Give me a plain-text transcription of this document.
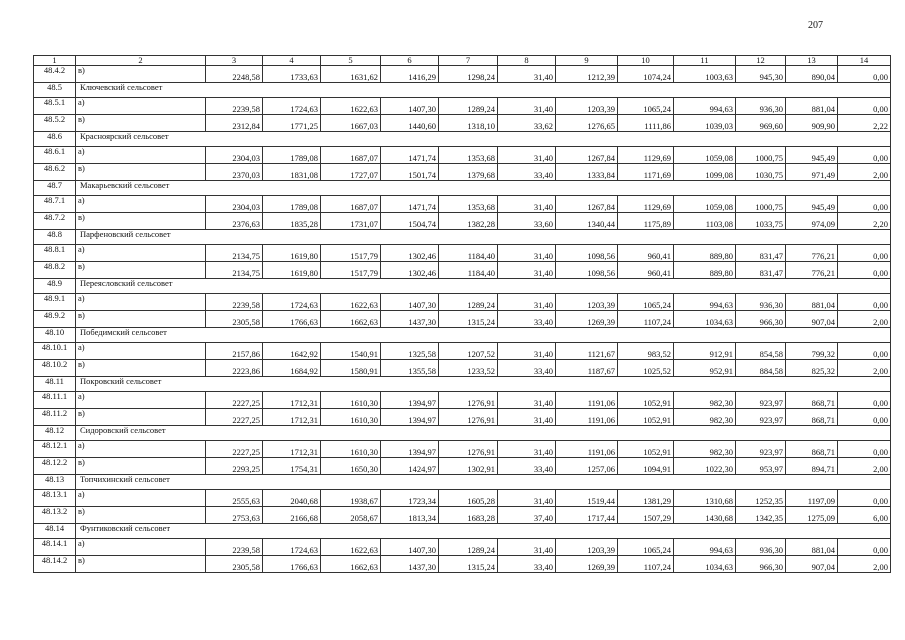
207
1	2	3	4	5	6	7	8	9	10	11	12	13	14
48.4.2	в)	2248,58	1733,63	1631,62	1416,29	1298,24	31,40	1212,39	1074,24	1003,63	945,30	890,04	0,00
48.5	Ключевский сельсовет												
48.5.1	а)	2239,58	1724,63	1622,63	1407,30	1289,24	31,40	1203,39	1065,24	994,63	936,30	881,04	0,00
48.5.2	в)	2312,84	1771,25	1667,03	1440,60	1318,10	33,62	1276,65	1111,86	1039,03	969,60	909,90	2,22
48.6	Красноярский сельсовет												
48.6.1	а)	2304,03	1789,08	1687,07	1471,74	1353,68	31,40	1267,84	1129,69	1059,08	1000,75	945,49	0,00
48.6.2	в)	2370,03	1831,08	1727,07	1501,74	1379,68	33,40	1333,84	1171,69	1099,08	1030,75	971,49	2,00
48.7	Макарьевский сельсовет												
48.7.1	а)	2304,03	1789,08	1687,07	1471,74	1353,68	31,40	1267,84	1129,69	1059,08	1000,75	945,49	0,00
48.7.2	в)	2376,63	1835,28	1731,07	1504,74	1382,28	33,60	1340,44	1175,89	1103,08	1033,75	974,09	2,20
48.8	Парфеновский сельсовет												
48.8.1	а)	2134,75	1619,80	1517,79	1302,46	1184,40	31,40	1098,56	960,41	889,80	831,47	776,21	0,00
48.8.2	в)	2134,75	1619,80	1517,79	1302,46	1184,40	31,40	1098,56	960,41	889,80	831,47	776,21	0,00
48.9	Переясловский сельсовет												
48.9.1	а)	2239,58	1724,63	1622,63	1407,30	1289,24	31,40	1203,39	1065,24	994,63	936,30	881,04	0,00
48.9.2	в)	2305,58	1766,63	1662,63	1437,30	1315,24	33,40	1269,39	1107,24	1034,63	966,30	907,04	2,00
48.10	Победимский сельсовет												
48.10.1	а)	2157,86	1642,92	1540,91	1325,58	1207,52	31,40	1121,67	983,52	912,91	854,58	799,32	0,00
48.10.2	в)	2223,86	1684,92	1580,91	1355,58	1233,52	33,40	1187,67	1025,52	952,91	884,58	825,32	2,00
48.11	Покровский сельсовет												
48.11.1	а)	2227,25	1712,31	1610,30	1394,97	1276,91	31,40	1191,06	1052,91	982,30	923,97	868,71	0,00
48.11.2	в)	2227,25	1712,31	1610,30	1394,97	1276,91	31,40	1191,06	1052,91	982,30	923,97	868,71	0,00
48.12	Сидоровский сельсовет												
48.12.1	а)	2227,25	1712,31	1610,30	1394,97	1276,91	31,40	1191,06	1052,91	982,30	923,97	868,71	0,00
48.12.2	в)	2293,25	1754,31	1650,30	1424,97	1302,91	33,40	1257,06	1094,91	1022,30	953,97	894,71	2,00
48.13	Топчихинский сельсовет												
48.13.1	а)	2555,63	2040,68	1938,67	1723,34	1605,28	31,40	1519,44	1381,29	1310,68	1252,35	1197,09	0,00
48.13.2	в)	2753,63	2166,68	2058,67	1813,34	1683,28	37,40	1717,44	1507,29	1430,68	1342,35	1275,09	6,00
48.14	Фунтиковский сельсовет												
48.14.1	а)	2239,58	1724,63	1622,63	1407,30	1289,24	31,40	1203,39	1065,24	994,63	936,30	881,04	0,00
48.14.2	в)	2305,58	1766,63	1662,63	1437,30	1315,24	33,40	1269,39	1107,24	1034,63	966,30	907,04	2,00
